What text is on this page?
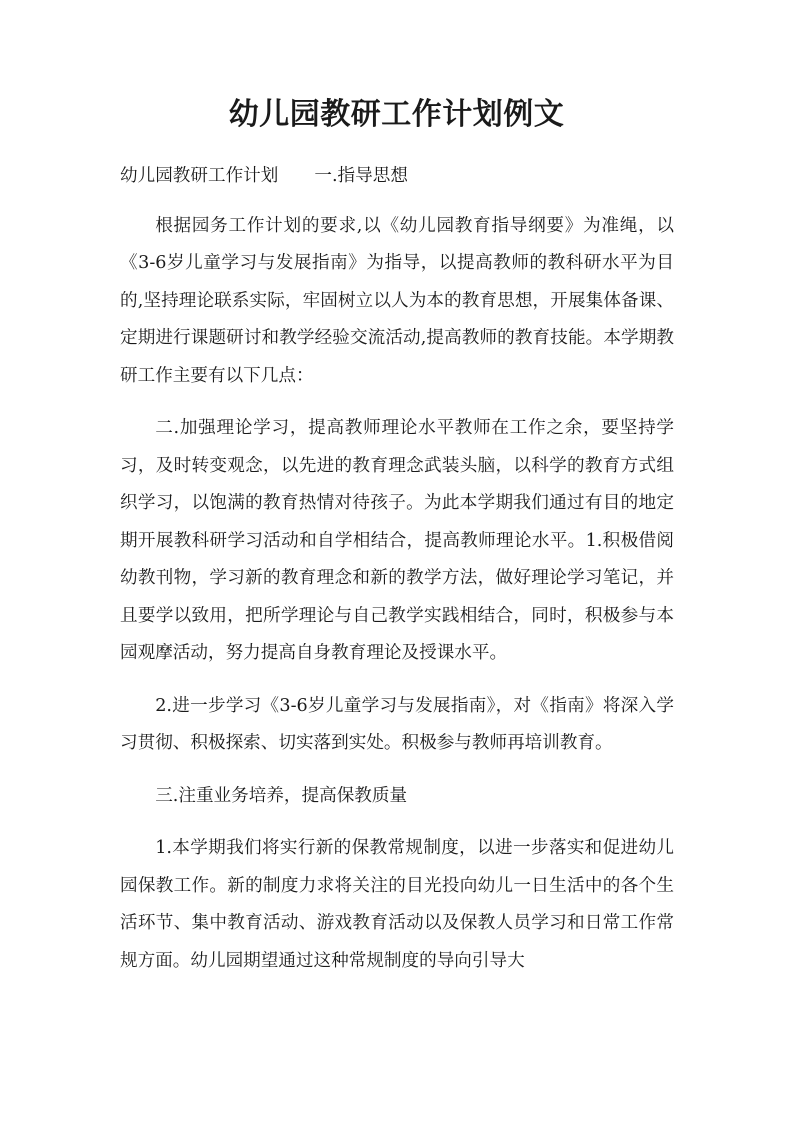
幼儿园教研工作计划例文

幼儿园教研工作计划 一.指导思想

根据园务工作计划的要求,以《幼儿园教育指导纲要》为准绳，以《3-6岁儿童学习与发展指南》为指导，以提高教师的教科研水平为目的,坚持理论联系实际，牢固树立以人为本的教育思想，开展集体备课、定期进行课题研讨和教学经验交流活动,提高教师的教育技能。本学期教研工作主要有以下几点：

二.加强理论学习，提高教师理论水平教师在工作之余，要坚持学习，及时转变观念，以先进的教育理念武装头脑，以科学的教育方式组织学习，以饱满的教育热情对待孩子。为此本学期我们通过有目的地定期开展教科研学习活动和自学相结合，提高教师理论水平。1.积极借阅幼教刊物，学习新的教育理念和新的教学方法，做好理论学习笔记，并且要学以致用，把所学理论与自己教学实践相结合，同时，积极参与本园观摩活动，努力提高自身教育理论及授课水平。

2.进一步学习《3-6岁儿童学习与发展指南》，对《指南》将深入学习贯彻、积极探索、切实落到实处。积极参与教师再培训教育。

三.注重业务培养，提高保教质量

1.本学期我们将实行新的保教常规制度，以进一步落实和促进幼儿园保教工作。新的制度力求将关注的目光投向幼儿一日生活中的各个生活环节、集中教育活动、游戏教育活动以及保教人员学习和日常工作常规方面。幼儿园期望通过这种常规制度的导向引导大
